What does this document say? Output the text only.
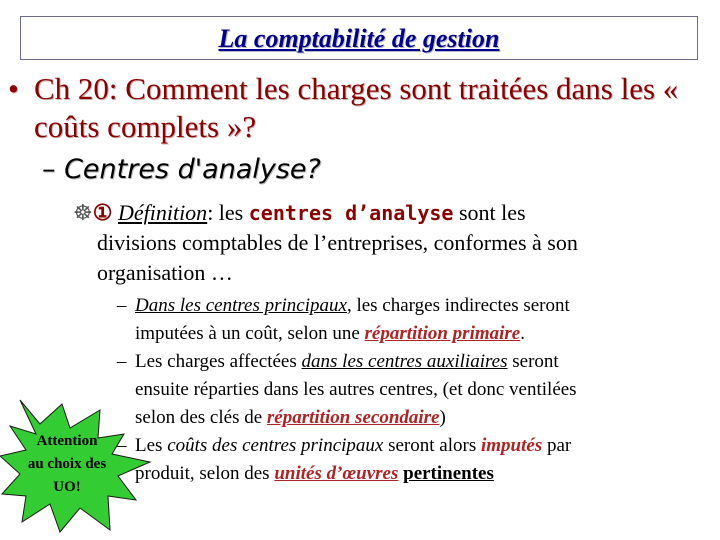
La comptabilité de gestion
• Ch 20: Comment les charges sont traitées dans les « coûts complets »?
– Centres d'analyse?
☸① Définition: les centres d’analyse sont les
divisions comptables de l’entreprises, conformes à son
organisation …
– Dans les centres principaux, les charges indirectes seront
imputées à un coût, selon une répartition primaire.
– Les charges affectées dans les centres auxiliaires seront
ensuite réparties dans les autres centres, (et donc ventilées
selon des clés de répartition secondaire)
– Les coûts des centres principaux seront alors imputés par
produit, selon des unités d’œuvres pertinentes
Attention
au choix des
UO!
